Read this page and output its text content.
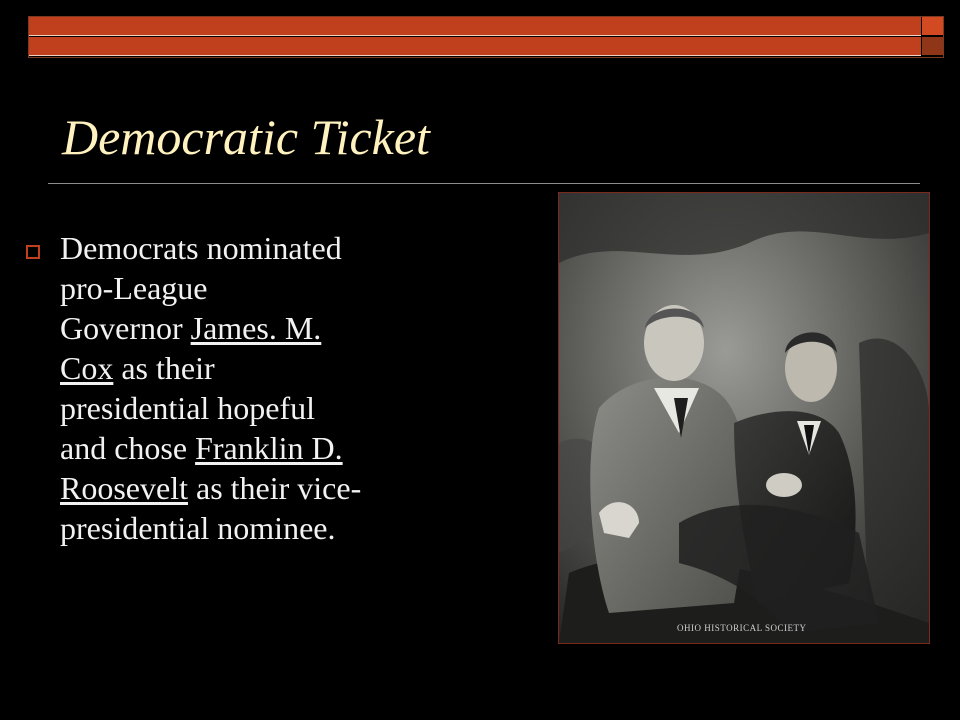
Democratic Ticket

Democrats nominated
pro-League
Governor James. M.
Cox as their
presidential hopeful
and chose Franklin D.
Roosevelt as their vice-
presidential nominee.

OHIO HISTORICAL SOCIETY
